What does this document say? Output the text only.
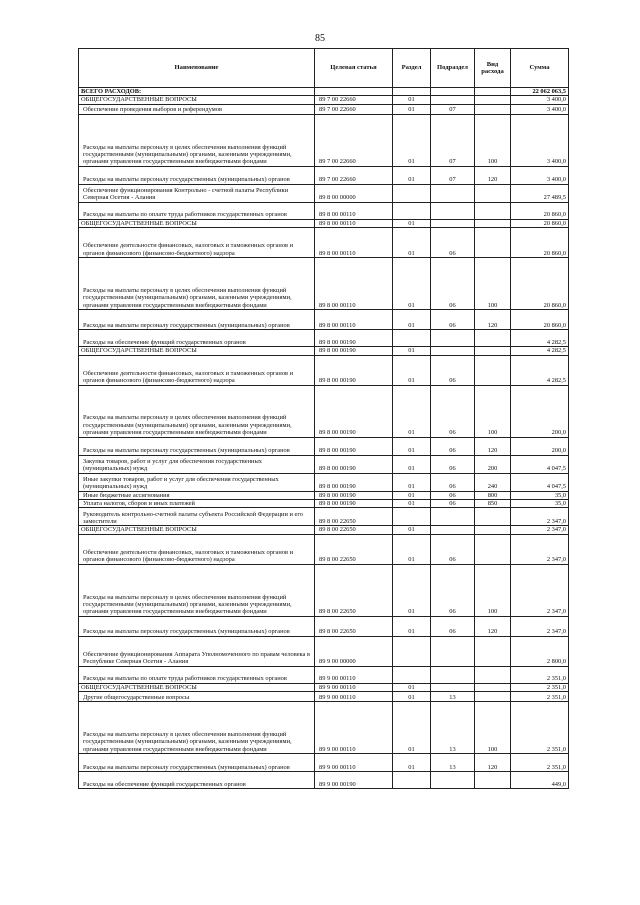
85
Наименование	Целевая статья	Раздел	Подраздел	Вид расхода	Сумма
ВСЕГО РАСХОДОВ:					22 062 063,5
ОБЩЕГОСУДАРСТВЕННЫЕ ВОПРОСЫ	89 7 00 22660	01			3 400,0
Обеспечение проведения выборов и референдумов	89 7 00 22660	01	07		3 400,0
Расходы на выплаты персоналу в целях обеспечения выполнения функций государственными (муниципальными) органами, казенными учреждениями, органами управления государственными внебюджетными фондами	89 7 00 22660	01	07	100	3 400,0
Расходы на выплаты персоналу государственных (муниципальных) органов	89 7 00 22660	01	07	120	3 400,0
Обеспечение функционирования Контрольно - счетной палаты Республики Северная Осетия - Алания	89 8 00 00000				27 489,5
Расходы на выплаты по оплате труда работников государственных органов	89 8 00 00110				20 860,0
ОБЩЕГОСУДАРСТВЕННЫЕ ВОПРОСЫ	89 8 00 00110	01			20 860,0
Обеспечение деятельности финансовых, налоговых и таможенных органов и органов финансового (финансово-бюджетного) надзора	89 8 00 00110	01	06		20 860,0
Расходы на выплаты персоналу в целях обеспечения выполнения функций государственными (муниципальными) органами, казенными учреждениями, органами управления государственными внебюджетными фондами	89 8 00 00110	01	06	100	20 860,0
Расходы на выплаты персоналу государственных (муниципальных) органов	89 8 00 00110	01	06	120	20 860,0
Расходы на обеспечение функций государственных органов	89 8 00 00190				4 282,5
ОБЩЕГОСУДАРСТВЕННЫЕ ВОПРОСЫ	89 8 00 00190	01			4 282,5
Обеспечение деятельности финансовых, налоговых и таможенных органов и органов финансового (финансово-бюджетного) надзора	89 8 00 00190	01	06		4 282,5
Расходы на выплаты персоналу в целях обеспечения выполнения функций государственными (муниципальными) органами, казенными учреждениями, органами управления государственными внебюджетными фондами	89 8 00 00190	01	06	100	200,0
Расходы на выплаты персоналу государственных (муниципальных) органов	89 8 00 00190	01	06	120	200,0
Закупка товаров, работ и услуг для обеспечения государственных (муниципальных) нужд	89 8 00 00190	01	06	200	4 047,5
Иные закупки товаров, работ и услуг для обеспечения государственных (муниципальных) нужд	89 8 00 00190	01	06	240	4 047,5
Иные бюджетные ассигнования	89 8 00 00190	01	06	800	35,0
Уплата налогов, сборов и иных платежей	89 8 00 00190	01	06	850	35,0
Руководитель контрольно-счетной палаты субъекта Российской Федерации и его заместители	89 8 00 22650				2 347,0
ОБЩЕГОСУДАРСТВЕННЫЕ ВОПРОСЫ	89 8 00 22650	01			2 347,0
Обеспечение деятельности финансовых, налоговых и таможенных органов и органов финансового (финансово-бюджетного) надзора	89 8 00 22650	01	06		2 347,0
Расходы на выплаты персоналу в целях обеспечения выполнения функций государственными (муниципальными) органами, казенными учреждениями, органами управления государственными внебюджетными фондами	89 8 00 22650	01	06	100	2 347,0
Расходы на выплаты персоналу государственных (муниципальных) органов	89 8 00 22650	01	06	120	2 347,0
Обеспечение функционирования Аппарата Уполномоченного по правам человека в Республике Северная Осетия - Алания	89 9 00 00000				2 800,0
Расходы на выплаты по оплате труда работников государственных органов	89 9 00 00110				2 351,0
ОБЩЕГОСУДАРСТВЕННЫЕ ВОПРОСЫ	89 9 00 00110	01			2 351,0
Другие общегосударственные вопросы	89 9 00 00110	01	13		2 351,0
Расходы на выплаты персоналу в целях обеспечения выполнения функций государственными (муниципальными) органами, казенными учреждениями, органами управления государственными внебюджетными фондами	89 9 00 00110	01	13	100	2 351,0
Расходы на выплаты персоналу государственных (муниципальных) органов	89 9 00 00110	01	13	120	2 351,0
Расходы на обеспечение функций государственных органов	89 9 00 00190				449,0
